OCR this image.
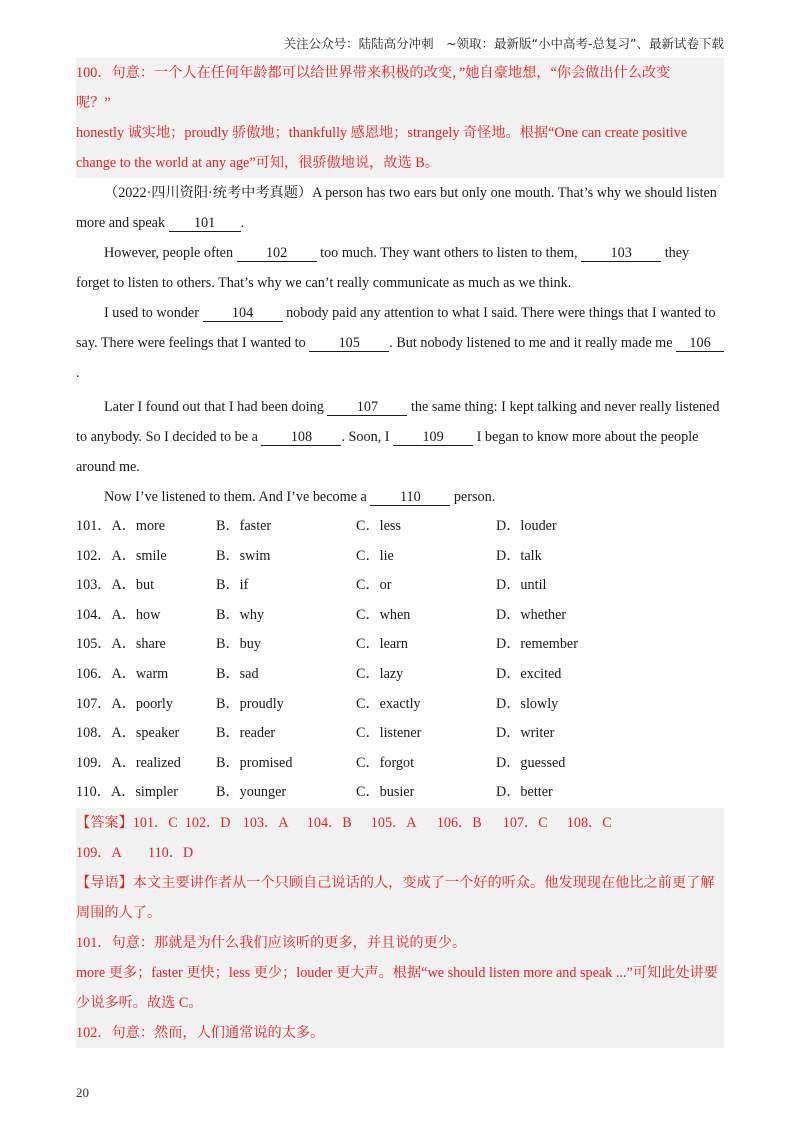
关注公众号：陆陆高分冲刺　~领取：最新版“小中高考-总复习”、最新试卷下载
100．句意：一个人在任何年龄都可以给世界带来积极的改变，”她自豪地想，“你会做出什么改变
呢？”
honestly 诚实地；proudly 骄傲地；thankfully 感恩地；strangely 奇怪地。根据“One can create positive
change to the world at any age”可知，很骄傲地说，故选 B。
（2022·四川资阳·统考中考真题）A person has two ears but only one mouth. That’s why we should listen
more and speak 101 .
However, people often 102 too much. They want others to listen to them, 103 they
forget to listen to others. That’s why we can’t really communicate as much as we think.
I used to wonder 104 nobody paid any attention to what I said. There were things that I wanted to
say. There were feelings that I wanted to 105 . But nobody listened to me and it really made me 106
.
Later I found out that I had been doing 107 the same thing: I kept talking and never really listened
to anybody. So I decided to be a 108 . Soon, I 109 I began to know more about the people
around me.
Now I’ve listened to them. And I’ve become a 110 person.
101．A．more	B．faster	C．less	D．louder
102．A．smile	B．swim	C．lie	D．talk
103．A．but	B．if	C．or	D．until
104．A．how	B．why	C．when	D．whether
105．A．share	B．buy	C．learn	D．remember
106．A．warm	B．sad	C．lazy	D．excited
107．A．poorly	B．proudly	C．exactly	D．slowly
108．A．speaker	B．reader	C．listener	D．writer
109．A．realized	B．promised	C．forgot	D．guessed
110．A．simpler	B．younger	C．busier	D．better
【答案】101．C 102．D 103．A 104．B 105．A 106．B 107．C 108．C
109．A 110．D
【导语】本文主要讲作者从一个只顾自己说话的人，变成了一个好的听众。他发现现在他比之前更了解
周围的人了。
101．句意：那就是为什么我们应该听的更多，并且说的更少。
more 更多；faster 更快；less 更少；louder 更大声。根据“we should listen more and speak ...”可知此处讲要
少说多听。故选 C。
102．句意：然而，人们通常说的太多。
20
